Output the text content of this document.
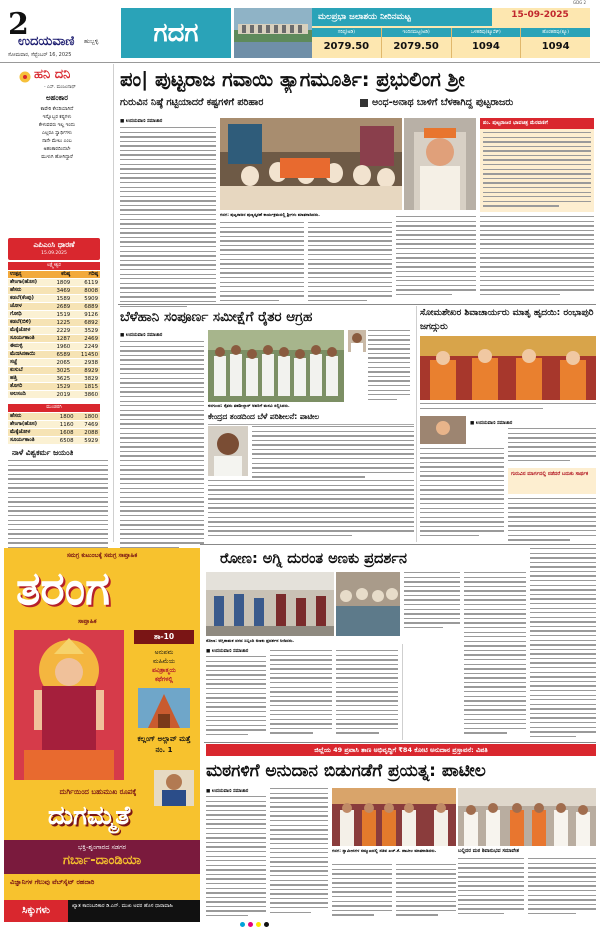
2
ಉದಯವಾಣಿ ಹುಬ್ಬಳ್ಳಿ
ಸೋಮವಾರ, ಸೆಪ್ಟೆಂಬರ್ 16, 2025
ಗದಗ
ಮಲಪ್ರಭಾ ಜಲಾಶಯ ನೀರಿನಮಟ್ಟ	15-09-2025
ಗರಿಷ್ಠ(ಅಡಿ)
2079.50
ಇಂದಿನಮಟ್ಟ(ಅಡಿ)
2079.50
ಒಳಹರಿವು(ಕ್ಯೂಸೆಕ್)
1094
ಹೊರಹರಿವು(ಕ್ಯೂ)
1094
GDG 2
ಹನಿ ದನಿ
- ಎಸ್. ಮಂಜುನಾಥ್
ಅಹಂಕಾರ
ಕಾವೇರಿ ಕೇಸರಿಯಾಗಿದೆ
ಇನ್ನೊಬ್ಬರ ಕಷ್ಟಗಳು
ಕೇಳುವವರು ಇಲ್ಲ ಇಂದು
ಎಲ್ಲರೂ ಸ್ವಾರ್ಥಿಗಳು
ನಾನೇ ಮೇಲು ಎಂಬ
ಅಹಂಕಾರದಿಂದಲೇ
ಮುಳುಗಿ ಹೋಗಿದ್ದಾರೆ
ಎಪಿಎಂಸಿ ಧಾರಣೆ
15.09.2025
ಲಕ್ಷ್ಮೇಶ್ವರ
ಉತ್ಪನ್ನ	ಕನಿಷ್ಠ	ಗರಿಷ್ಠ
ಶೇಂಗಾ(ಹೊಸ)	1809	6119
ಹೆಸರು	3469	8008
ಕಡಲೆ(ಕೆಂಪು)	1589	5909
ಜೋಳ	2689	6889
ಗೋಧಿ	1519	9126
ಕಡಲೆ(ಬಿಳಿ)	1225	6892
ಮೆಕ್ಕೆಜೋಳ	2229	3529
ಸೂರ್ಯಕಾಂತಿ	1287	2469
ಈರುಳ್ಳಿ	1960	2249
ಮೆಣಸಿನಕಾಯಿ	6589	11450
ಸಜ್ಜೆ	2065	2938
ಕುಸುಬೆ	3025	8929
ಹತ್ತಿ	3625	3829
ತೊಗರಿ	1529	1815
ಅಲಸಂದಿ	2019	3860
ಮುಂಡರಗಿ
ಹೆಸರು	1800	1800
ಶೇಂಗಾ(ಹೊಸ)	1160	7469
ಮೆಕ್ಕೆಜೋಳ	1608	2088
ಸೂರ್ಯಕಾಂತಿ	6508	5929
ನಾಳೆ ವಿಶ್ವಕರ್ಮ ಜಯಂತಿ
ಪಂ| ಪುಟ್ಟರಾಜ ಗವಾಯಿ ತ್ಯಾಗಮೂರ್ತಿ: ಪ್ರಭುಲಿಂಗ ಶ್ರೀ
ಗುರುವಿನ ನಿಷ್ಠೆ ಗಟ್ಟಿಯಾದರೆ ಕಷ್ಟಗಳಿಗೆ ಪರಿಹಾರ	ಅಂಧ-ಅನಾಥ ಬಾಳಿಗೆ ಬೆಳಕಾಗಿದ್ದ ಪುಟ್ಟರಾಜರು
■ ಉದಯವಾಣಿ ಸಮಾಚಾರ
ಗದಗ: ಪುಟ್ಟರಾಜರ ಪುಣ್ಯಸ್ಮರಣೆ ಕಾರ್ಯಕ್ರಮದಲ್ಲಿ ಶ್ರೀಗಳು ಮಾತನಾಡಿದರು.
ಪಂ. ಪುಟ್ಟರಾಜರ ಭಾವಚಿತ್ರ ಮೆರವಣಿಗೆ
ಬೆಳೆಹಾನಿ ಸಂಪೂರ್ಣ ಸಮೀಕ್ಷೆಗೆ ರೈತರ ಆಗ್ರಹ
■ ಉದಯವಾಣಿ ಸಮಾಚಾರ
ನರಗುಂದ: ರೈತರು ತಹಶೀಲ್ದಾರ್ ಅವರಿಗೆ ಮನವಿ ಸಲ್ಲಿಸಿದರು.
ಕೇಂದ್ರದ ತಂಡದಿಂದ ಬೆಳೆ ಪರಿಶೀಲನೆ: ಪಾಟೀಲ
ಸೋಮಶೇಖರ ಶಿವಾಚಾರ್ಯರು ಮಾತೃ ಹೃದಯಿ: ರಂಭಾಪುರಿ ಜಗದ್ಗುರು
■ ಉದಯವಾಣಿ ಸಮಾಚಾರ
ಗುರುವಿನ ಮಾರ್ಗದಲ್ಲಿ ನಡೆದರೆ ಬದುಕು ಸಾರ್ಥಕ
ಸಮಗ್ರ ಕುಟುಂಬಕ್ಕೆ ಸಮಗ್ರ ಸಾಪ್ತಾಹಿಕ
ತರಂಗ
ಸಾಪ್ತಾಹಿಕ
ತಾ-10
ಅನುಪಮ
ಮಹಿಮೆಯ
ಪವಿತ್ರಾತ್ಮಯ
ಕಥೆಗಳಲ್ಲಿ
ಕಲ್ಲಂಗ್ ಅಲ್ಲಾವ್ ಮತ್ತೆ ನಂ. 1
ದುರ್ಗಿಯಿಂದ ಬಹುಮುಖ ರೂಪಕ್ಕೆ
ದುಗಮ್ಮತೆ
ಭಕ್ತಿ-ಶೃಂಗಾರದ ಸಡಗರ
ಗರ್ಬಾ-ದಾಂಡಿಯಾ
ವಿಜ್ಞಾನಿಗಳ ಗೆಲುವು ವೆಬ್‌ಸೈಟ್ ರಹದಾರಿ
ಸಿಕ್ಕುಗಳು	ಖ್ಯಾತ ಕಾದಂಬರಿಕಾರ ಡಿ.ಎನ್. ಮುಖ ಅವರ ಹೊಸ ಧಾರಾವಾಹಿ
ರೋಣ: ಅಗ್ನಿ ದುರಂತ ಅಣಕು ಪ್ರದರ್ಶನ
ರೋಣ: ಅಗ್ನಿಶಾಮಕ ದಳದ ಸಿಬ್ಬಂದಿ ಅಣಕು ಪ್ರದರ್ಶನ ನೀಡಿದರು.
■ ಉದಯವಾಣಿ ಸಮಾಚಾರ
ಜಿಲ್ಲೆಯ 49 ಪ್ರವಾಸಿ ತಾಣ ಅಭಿವೃದ್ಧಿಗೆ ₹84 ಕೋಟಿ ಅನುದಾನ ಪ್ರಸ್ತಾವನೆ: ವಿಪತಿ
ಮಠಗಳಿಗೆ ಅನುದಾನ ಬಿಡುಗಡೆಗೆ ಪ್ರಯತ್ನ: ಪಾಟೀಲ
■ ಉದಯವಾಣಿ ಸಮಾಚಾರ
ಗದಗ: ಸ್ವಾಮೀಜಿಗಳ ಸಮ್ಮುಖದಲ್ಲಿ ಸಚಿವ ಎಚ್.ಕೆ. ಪಾಟೀಲ ಮಾತನಾಡಿದರು.	ಬಲ್ಲಿದರ ಮಠ ಶಿವಾನುಭವ ಸಮಾವೇಶ
